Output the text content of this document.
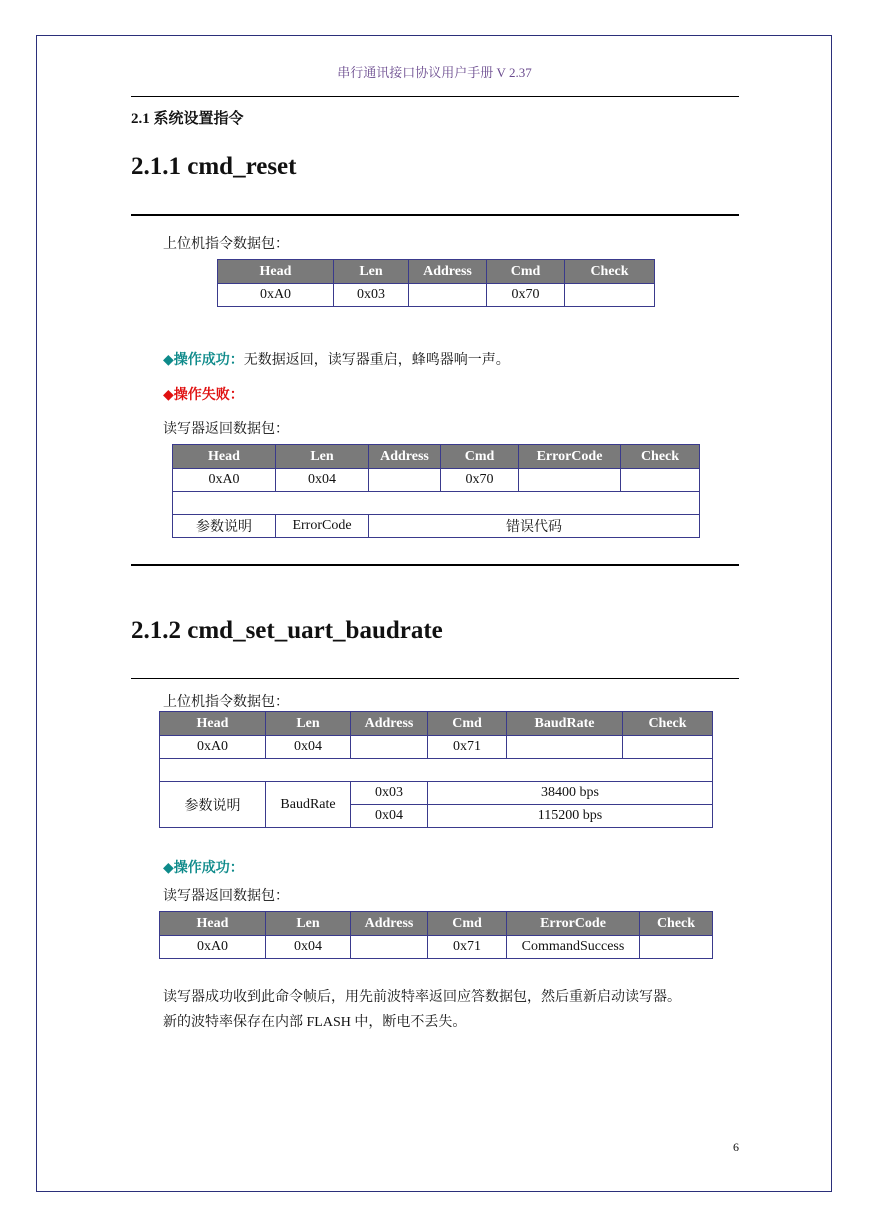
串行通讯接口协议用户手册 V 2.37
2.1 系统设置指令
2.1.1 cmd_reset
上位机指令数据包：
Head	Len	Address	Cmd	Check
0xA0	0x03		0x70	
◆操作成功：无数据返回，读写器重启，蜂鸣器响一声。
◆操作失败：
读写器返回数据包：
Head	Len	Address	Cmd	ErrorCode	Check
0xA0	0x04		0x70		

参数说明	ErrorCode	错误代码			
2.1.2 cmd_set_uart_baudrate
上位机指令数据包：
Head	Len	Address	Cmd	BaudRate	Check
0xA0	0x04		0x71		

参数说明	BaudRate	0x03	38400 bps		
		0x04	115200 bps		
◆操作成功：
读写器返回数据包：
Head	Len	Address	Cmd	ErrorCode	Check
0xA0	0x04		0x71	CommandSuccess	
读写器成功收到此命令帧后，用先前波特率返回应答数据包，然后重新启动读写器。
新的波特率保存在内部 FLASH 中，断电不丢失。
6
